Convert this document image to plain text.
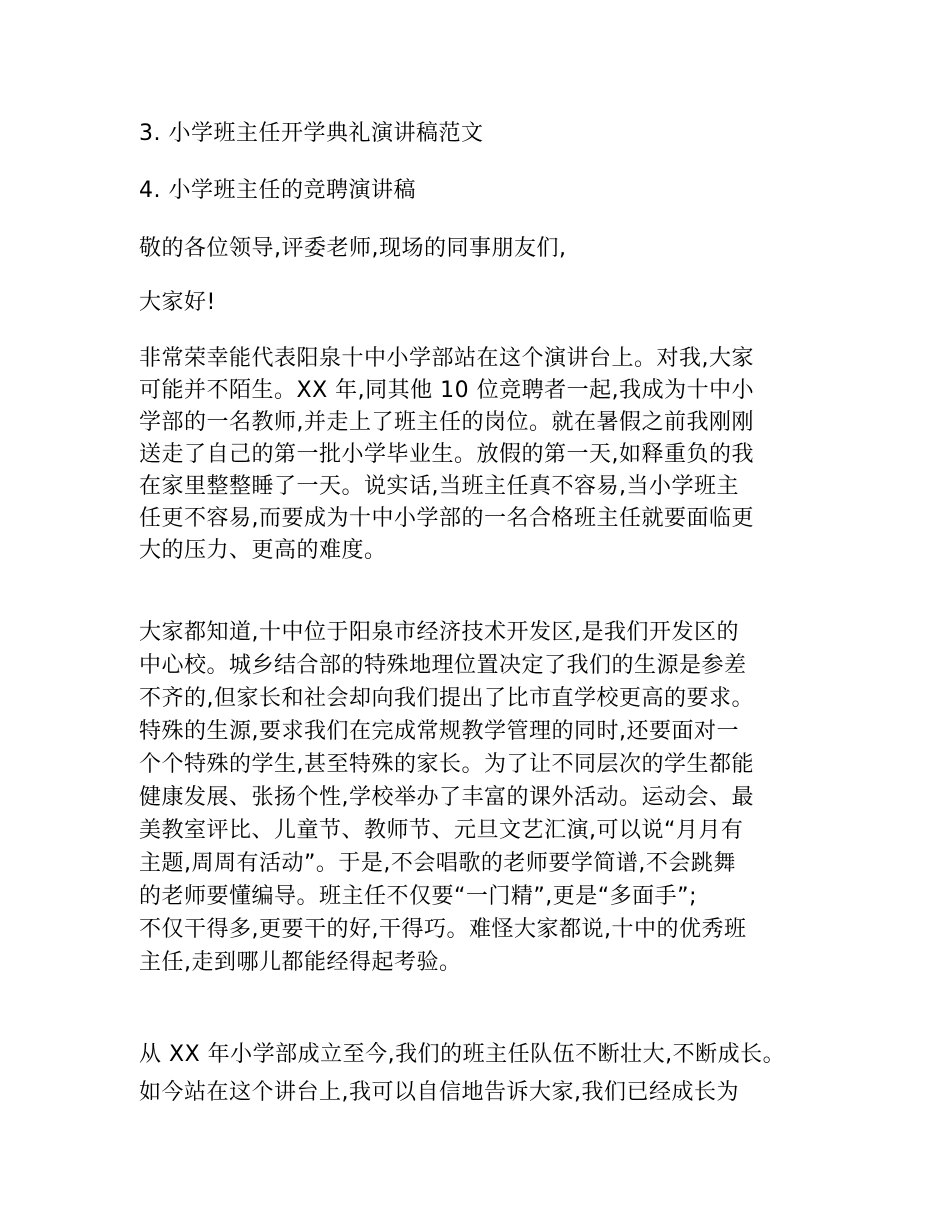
3. 小学班主任开学典礼演讲稿范文
4. 小学班主任的竞聘演讲稿
敬的各位领导,评委老师,现场的同事朋友们,
大家好!
非常荣幸能代表阳泉十中小学部站在这个演讲台上。对我,大家
可能并不陌生。XX 年,同其他 10 位竞聘者一起,我成为十中小
学部的一名教师,并走上了班主任的岗位。就在暑假之前我刚刚
送走了自己的第一批小学毕业生。放假的第一天,如释重负的我
在家里整整睡了一天。说实话,当班主任真不容易,当小学班主
任更不容易,而要成为十中小学部的一名合格班主任就要面临更
大的压力、更高的难度。
大家都知道,十中位于阳泉市经济技术开发区,是我们开发区的
中心校。城乡结合部的特殊地理位置决定了我们的生源是参差
不齐的,但家长和社会却向我们提出了比市直学校更高的要求。
特殊的生源,要求我们在完成常规教学管理的同时,还要面对一
个个特殊的学生,甚至特殊的家长。为了让不同层次的学生都能
健康发展、张扬个性,学校举办了丰富的课外活动。运动会、最
美教室评比、儿童节、教师节、元旦文艺汇演,可以说“月月有
主题,周周有活动”。于是,不会唱歌的老师要学简谱,不会跳舞
的老师要懂编导。班主任不仅要“一门精”,更是“多面手”;
不仅干得多,更要干的好,干得巧。难怪大家都说,十中的优秀班
主任,走到哪儿都能经得起考验。
从 XX 年小学部成立至今,我们的班主任队伍不断壮大,不断成长。
如今站在这个讲台上,我可以自信地告诉大家,我们已经成长为
